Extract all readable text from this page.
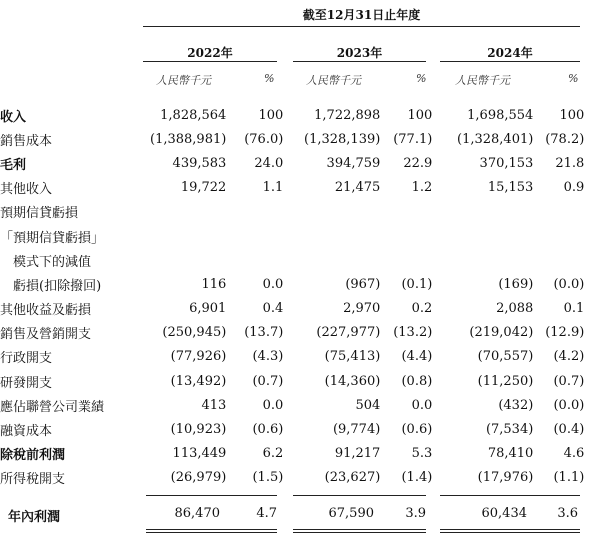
截至12月31日止年度
2022年	2023年	2024年
人民幣千元	%	人民幣千元	%	人民幣千元	%
收入	1,828,564	100	1,722,898	100	1,698,554	100
銷售成本	(1,388,981)	(76.0)	(1,328,139)	(77.1)	(1,328,401)	(78.2)
毛利	439,583	24.0	394,759	22.9	370,153	21.8
其他收入	19,722	1.1	21,475	1.2	15,153	0.9
預期信貸虧損						
「預期信貸虧損」						
　模式下的減值						
　虧損(扣除撥回)	116	0.0	(967)	(0.1)	(169)	(0.0)
其他收益及虧損	6,901	0.4	2,970	0.2	2,088	0.1
銷售及營銷開支	(250,945)	(13.7)	(227,977)	(13.2)	(219,042)	(12.9)
行政開支	(77,926)	(4.3)	(75,413)	(4.4)	(70,557)	(4.2)
研發開支	(13,492)	(0.7)	(14,360)	(0.8)	(11,250)	(0.7)
應佔聯營公司業績	413	0.0	504	0.0	(432)	(0.0)
融資成本	(10,923)	(0.6)	(9,774)	(0.6)	(7,534)	(0.4)
除稅前利潤	113,449	6.2	91,217	5.3	78,410	4.6
所得稅開支	(26,979)	(1.5)	(23,627)	(1.4)	(17,976)	(1.1)
年內利潤	86,470	4.7	67,590 3.9	60,434 3.6
